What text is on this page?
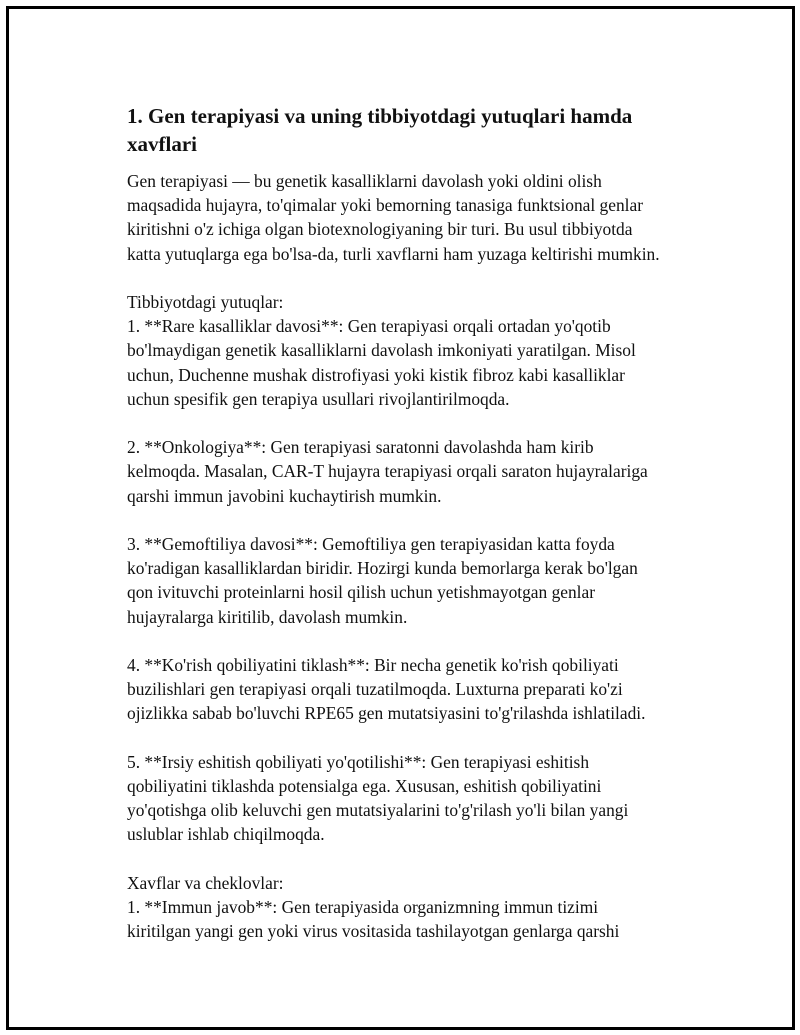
1. Gen terapiyasi va uning tibbiyotdagi yutuqlari hamda
xavflari

Gen terapiyasi — bu genetik kasalliklarni davolash yoki oldini olish
maqsadida hujayra, to'qimalar yoki bemorning tanasiga funktsional genlar
kiritishni o'z ichiga olgan biotexnologiyaning bir turi. Bu usul tibbiyotda
katta yutuqlarga ega bo'lsa-da, turli xavflarni ham yuzaga keltirishi mumkin.

Tibbiyotdagi yutuqlar:
1. **Rare kasalliklar davosi**: Gen terapiyasi orqali ortadan yo'qotib
bo'lmaydigan genetik kasalliklarni davolash imkoniyati yaratilgan. Misol
uchun, Duchenne mushak distrofiyasi yoki kistik fibroz kabi kasalliklar
uchun spesifik gen terapiya usullari rivojlantirilmoqda.

2. **Onkologiya**: Gen terapiyasi saratonni davolashda ham kirib
kelmoqda. Masalan, CAR-T hujayra terapiyasi orqali saraton hujayralariga
qarshi immun javobini kuchaytirish mumkin.

3. **Gemoftiliya davosi**: Gemoftiliya gen terapiyasidan katta foyda
ko'radigan kasalliklardan biridir. Hozirgi kunda bemorlarga kerak bo'lgan
qon ivituvchi proteinlarni hosil qilish uchun yetishmayotgan genlar
hujayralarga kiritilib, davolash mumkin.

4. **Ko'rish qobiliyatini tiklash**: Bir necha genetik ko'rish qobiliyati
buzilishlari gen terapiyasi orqali tuzatilmoqda. Luxturna preparati ko'zi
ojizlikka sabab bo'luvchi RPE65 gen mutatsiyasini to'g'rilashda ishlatiladi.

5. **Irsiy eshitish qobiliyati yo'qotilishi**: Gen terapiyasi eshitish
qobiliyatini tiklashda potensialga ega. Xususan, eshitish qobiliyatini
yo'qotishga olib keluvchi gen mutatsiyalarini to'g'rilash yo'li bilan yangi
uslublar ishlab chiqilmoqda.

Xavflar va cheklovlar:
1. **Immun javob**: Gen terapiyasida organizmning immun tizimi
kiritilgan yangi gen yoki virus vositasida tashilayotgan genlarga qarshi
